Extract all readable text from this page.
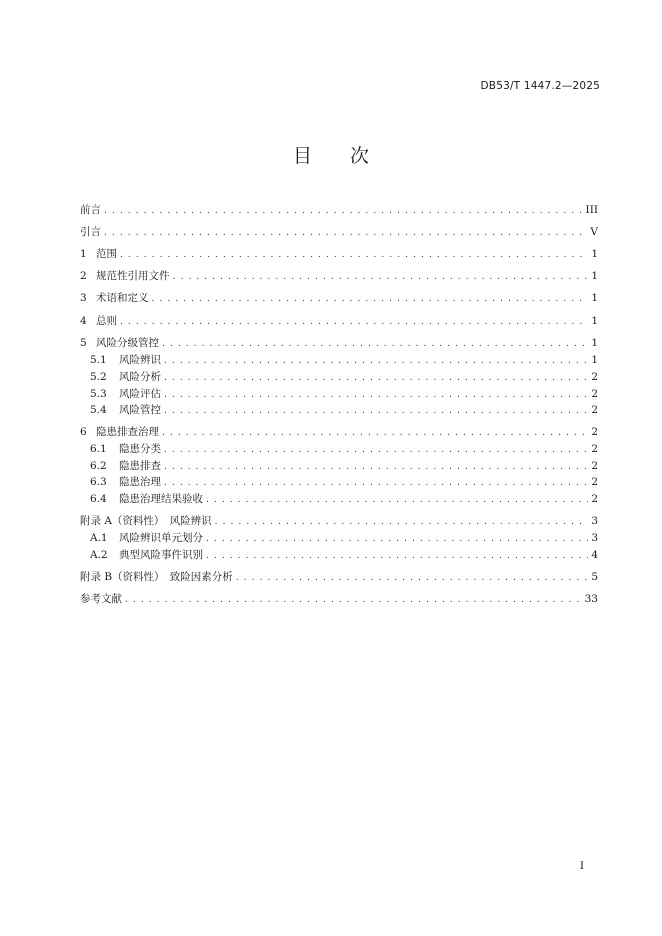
DB53/T 1447.2—2025
目　　次
前言 . . .	III
引言 . . .	V
1 范围 . . .	1
2 规范性引用文件 . . .	1
3 术语和定义 . . .	1
4 总则 . . .	1
5 风险分级管控 . . .	1
5.1	风险辨识 . . .	1
5.2	风险分析 . . .	2
5.3	风险评估 . . .	2
5.4	风险管控 . . .	2
6 隐患排查治理 . . .	2
6.1	隐患分类 . . .	2
6.2	隐患排查 . . .	2
6.3	隐患治理 . . .	2
6.4	隐患治理结果验收 . . .	2
附录 A（资料性）　风险辨识 . . .	3
A.1	风险辨识单元划分 . . .	3
A.2	典型风险事件识别 . . .	4
附录 B（资料性）　致险因素分析 . . .	5
参考文献 . . .	33
I
